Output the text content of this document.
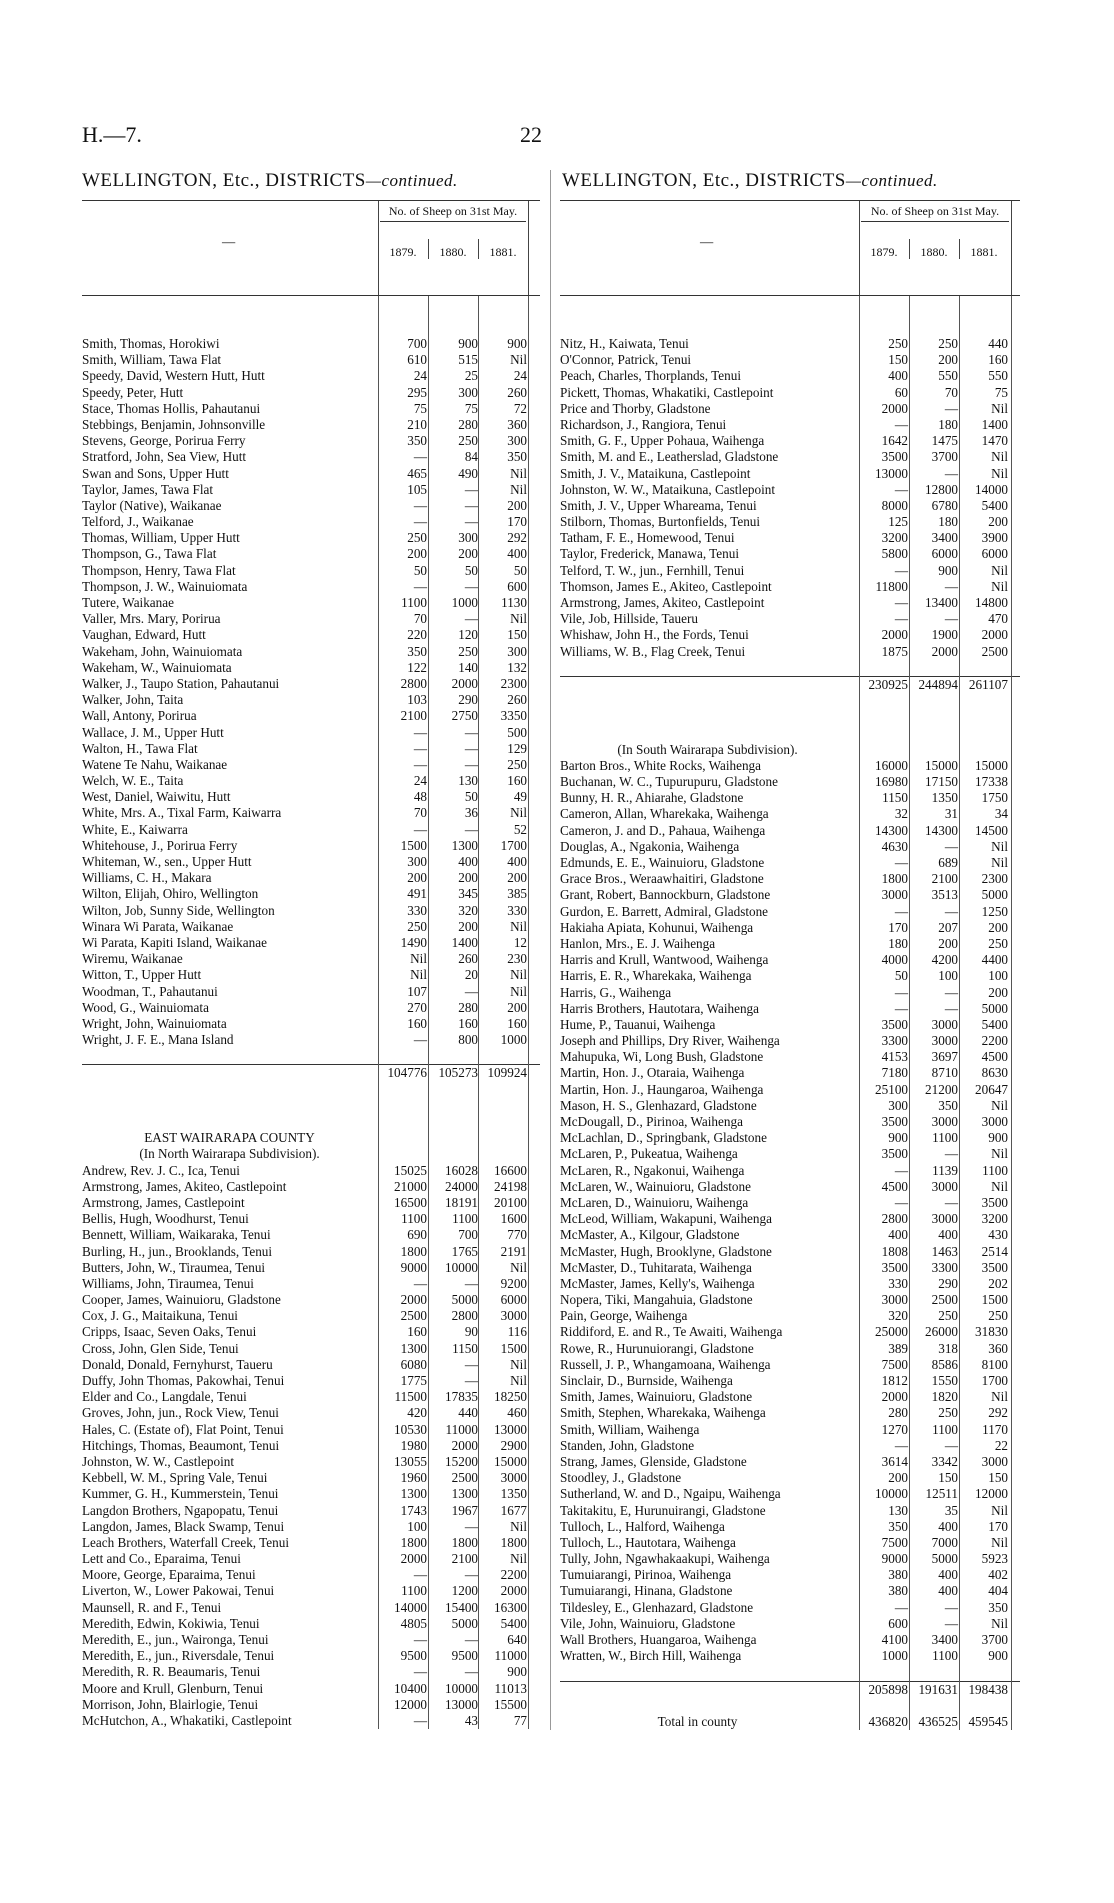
H.—7.	22
WELLINGTON, Etc., DISTRICTS—continued.	WELLINGTON, Etc., DISTRICTS—continued.
—
No. of Sheep on 31st May.
1879.	1880.	1881.
Smith, Thomas, Horokiwi	700	900	900
Smith, William, Tawa Flat	610	515	Nil
Speedy, David, Western Hutt, Hutt	24	25	24
Speedy, Peter, Hutt	295	300	260
Stace, Thomas Hollis, Pahautanui	75	75	72
Stebbings, Benjamin, Johnsonville	210	280	360
Stevens, George, Porirua Ferry	350	250	300
Stratford, John, Sea View, Hutt	—	84	350
Swan and Sons, Upper Hutt	465	490	Nil
Taylor, James, Tawa Flat	105	—	Nil
Taylor (Native), Waikanae	—	—	200
Telford, J., Waikanae	—	—	170
Thomas, William, Upper Hutt	250	300	292
Thompson, G., Tawa Flat	200	200	400
Thompson, Henry, Tawa Flat	50	50	50
Thompson, J. W., Wainuiomata	—	—	600
Tutere, Waikanae	1100	1000	1130
Valler, Mrs. Mary, Porirua	70	—	Nil
Vaughan, Edward, Hutt	220	120	150
Wakeham, John, Wainuiomata	350	250	300
Wakeham, W., Wainuiomata	122	140	132
Walker, J., Taupo Station, Pahautanui	2800	2000	2300
Walker, John, Taita	103	290	260
Wall, Antony, Porirua	2100	2750	3350
Wallace, J. M., Upper Hutt	—	—	500
Walton, H., Tawa Flat	—	—	129
Watene Te Nahu, Waikanae	—	—	250
Welch, W. E., Taita	24	130	160
West, Daniel, Waiwitu, Hutt	48	50	49
White, Mrs. A., Tixal Farm, Kaiwarra	70	36	Nil
White, E., Kaiwarra	—	—	52
Whitehouse, J., Porirua Ferry	1500	1300	1700
Whiteman, W., sen., Upper Hutt	300	400	400
Williams, C. H., Makara	200	200	200
Wilton, Elijah, Ohiro, Wellington	491	345	385
Wilton, Job, Sunny Side, Wellington	330	320	330
Winara Wi Parata, Waikanae	250	200	Nil
Wi Parata, Kapiti Island, Waikanae	1490	1400	12
Wiremu, Waikanae	Nil	260	230
Witton, T., Upper Hutt	Nil	20	Nil
Woodman, T., Pahautanui	107	—	Nil
Wood, G., Wainuiomata	270	280	200
Wright, John, Wainuiomata	160	160	160
Wright, J. F. E., Mana Island	—	800	1000
104776 105273 109924
EAST WAIRARAPA COUNTY
(In North Wairarapa Subdivision).
Andrew, Rev. J. C., Ica, Tenui	15025	16028	16600
Armstrong, James, Akiteo, Castlepoint	21000	24000	24198
Armstrong, James, Castlepoint	16500	18191	20100
Bellis, Hugh, Woodhurst, Tenui	1100	1100	1600
Bennett, William, Waikaraka, Tenui	690	700	770
Burling, H., jun., Brooklands, Tenui	1800	1765	2191
Butters, John, W., Tiraumea, Tenui	9000	10000	Nil
Williams, John, Tiraumea, Tenui	—	—	9200
Cooper, James, Wainuioru, Gladstone	2000	5000	6000
Cox, J. G., Maitaikuna, Tenui	2500	2800	3000
Cripps, Isaac, Seven Oaks, Tenui	160	90	116
Cross, John, Glen Side, Tenui	1300	1150	1500
Donald, Donald, Fernyhurst, Taueru	6080	—	Nil
Duffy, John Thomas, Pakowhai, Tenui	1775	—	Nil
Elder and Co., Langdale, Tenui	11500	17835	18250
Groves, John, jun., Rock View, Tenui	420	440	460
Hales, C. (Estate of), Flat Point, Tenui	10530	11000	13000
Hitchings, Thomas, Beaumont, Tenui	1980	2000	2900
Johnston, W. W., Castlepoint	13055	15200	15000
Kebbell, W. M., Spring Vale, Tenui	1960	2500	3000
Kummer, G. H., Kummerstein, Tenui	1300	1300	1350
Langdon Brothers, Ngapopatu, Tenui	1743	1967	1677
Langdon, James, Black Swamp, Tenui	100	—	Nil
Leach Brothers, Waterfall Creek, Tenui	1800	1800	1800
Lett and Co., Eparaima, Tenui	2000	2100	Nil
Moore, George, Eparaima, Tenui	—	—	2200
Liverton, W., Lower Pakowai, Tenui	1100	1200	2000
Maunsell, R. and F., Tenui	14000	15400	16300
Meredith, Edwin, Kokiwia, Tenui	4805	5000	5400
Meredith, E., jun., Waironga, Tenui	—	—	640
Meredith, E., jun., Riversdale, Tenui	9500	9500	11000
Meredith, R. R. Beaumaris, Tenui	—	—	900
Moore and Krull, Glenburn, Tenui	10400	10000	11013
Morrison, John, Blairlogie, Tenui	12000	13000	15500
McHutchon, A., Whakatiki, Castlepoint	—	43	77
—
No. of Sheep on 31st May.
1879.	1880.	1881.
Nitz, H., Kaiwata, Tenui	250	250	440
O'Connor, Patrick, Tenui	150	200	160
Peach, Charles, Thorplands, Tenui	400	550	550
Pickett, Thomas, Whakatiki, Castlepoint	60	70	75
Price and Thorby, Gladstone	2000	—	Nil
Richardson, J., Rangiora, Tenui	—	180	1400
Smith, G. F., Upper Pohaua, Waihenga	1642	1475	1470
Smith, M. and E., Leatherslad, Gladstone	3500	3700	Nil
Smith, J. V., Mataikuna, Castlepoint	13000	—	Nil
Johnston, W. W., Mataikuna, Castlepoint	—	12800	14000
Smith, J. V., Upper Whareama, Tenui	8000	6780	5400
Stilborn, Thomas, Burtonfields, Tenui	125	180	200
Tatham, F. E., Homewood, Tenui	3200	3400	3900
Taylor, Frederick, Manawa, Tenui	5800	6000	6000
Telford, T. W., jun., Fernhill, Tenui	—	900	Nil
Thomson, James E., Akiteo, Castlepoint	11800	—	Nil
Armstrong, James, Akiteo, Castlepoint	—	13400	14800
Vile, Job, Hillside, Taueru	—	—	470
Whishaw, John H., the Fords, Tenui	2000	1900	2000
Williams, W. B., Flag Creek, Tenui	1875	2000	2500
230925 244894 261107
(In South Wairarapa Subdivision).
Barton Bros., White Rocks, Waihenga	16000	15000	15000
Buchanan, W. C., Tupurupuru, Gladstone	16980	17150	17338
Bunny, H. R., Ahiarahe, Gladstone	1150	1350	1750
Cameron, Allan, Wharekaka, Waihenga	32	31	34
Cameron, J. and D., Pahaua, Waihenga	14300	14300	14500
Douglas, A., Ngakonia, Waihenga	4630	—	Nil
Edmunds, E. E., Wainuioru, Gladstone	—	689	Nil
Grace Bros., Weraawhaitiri, Gladstone	1800	2100	2300
Grant, Robert, Bannockburn, Gladstone	3000	3513	5000
Gurdon, E. Barrett, Admiral, Gladstone	—	—	1250
Hakiaha Apiata, Kohunui, Waihenga	170	207	200
Hanlon, Mrs., E. J. Waihenga	180	200	250
Harris and Krull, Wantwood, Waihenga	4000	4200	4400
Harris, E. R., Wharekaka, Waihenga	50	100	100
Harris, G., Waihenga	—	—	200
Harris Brothers, Hautotara, Waihenga	—	—	5000
Hume, P., Tauanui, Waihenga	3500	3000	5400
Joseph and Phillips, Dry River, Waihenga	3300	3000	2200
Mahupuka, Wi, Long Bush, Gladstone	4153	3697	4500
Martin, Hon. J., Otaraia, Waihenga	7180	8710	8630
Martin, Hon. J., Haungaroa, Waihenga	25100	21200	20647
Mason, H. S., Glenhazard, Gladstone	300	350	Nil
McDougall, D., Pirinoa, Waihenga	3500	3000	3000
McLachlan, D., Springbank, Gladstone	900	1100	900
McLaren, P., Pukeatua, Waihenga	3500	—	Nil
McLaren, R., Ngakonui, Waihenga	—	1139	1100
McLaren, W., Wainuioru, Gladstone	4500	3000	Nil
McLaren, D., Wainuioru, Waihenga	—	—	3500
McLeod, William, Wakapuni, Waihenga	2800	3000	3200
McMaster, A., Kilgour, Gladstone	400	400	430
McMaster, Hugh, Brooklyne, Gladstone	1808	1463	2514
McMaster, D., Tuhitarata, Waihenga	3500	3300	3500
McMaster, James, Kelly's, Waihenga	330	290	202
Nopera, Tiki, Mangahuia, Gladstone	3000	2500	1500
Pain, George, Waihenga	320	250	250
Riddiford, E. and R., Te Awaiti, Waihenga	25000	26000	31830
Rowe, R., Hurunuiorangi, Gladstone	389	318	360
Russell, J. P., Whangamoana, Waihenga	7500	8586	8100
Sinclair, D., Burnside, Waihenga	1812	1550	1700
Smith, James, Wainuioru, Gladstone	2000	1820	Nil
Smith, Stephen, Wharekaka, Waihenga	280	250	292
Smith, William, Waihenga	1270	1100	1170
Standen, John, Gladstone	—	—	22
Strang, James, Glenside, Gladstone	3614	3342	3000
Stoodley, J., Gladstone	200	150	150
Sutherland, W. and D., Ngaipu, Waihenga	10000	12511	12000
Takitakitu, E, Hurunuirangi, Gladstone	130	35	Nil
Tulloch, L., Halford, Waihenga	350	400	170
Tulloch, L., Hautotara, Waihenga	7500	7000	Nil
Tully, John, Ngawhakaakupi, Waihenga	9000	5000	5923
Tumuiarangi, Pirinoa, Waihenga	380	400	402
Tumuiarangi, Hinana, Gladstone	380	400	404
Tildesley, E., Glenhazard, Gladstone	—	—	350
Vile, John, Wainuioru, Gladstone	600	—	Nil
Wall Brothers, Huangaroa, Waihenga	4100	3400	3700
Wratten, W., Birch Hill, Waihenga	1000	1100	900
205898 191631 198438
Total in county	436820 436525 459545
